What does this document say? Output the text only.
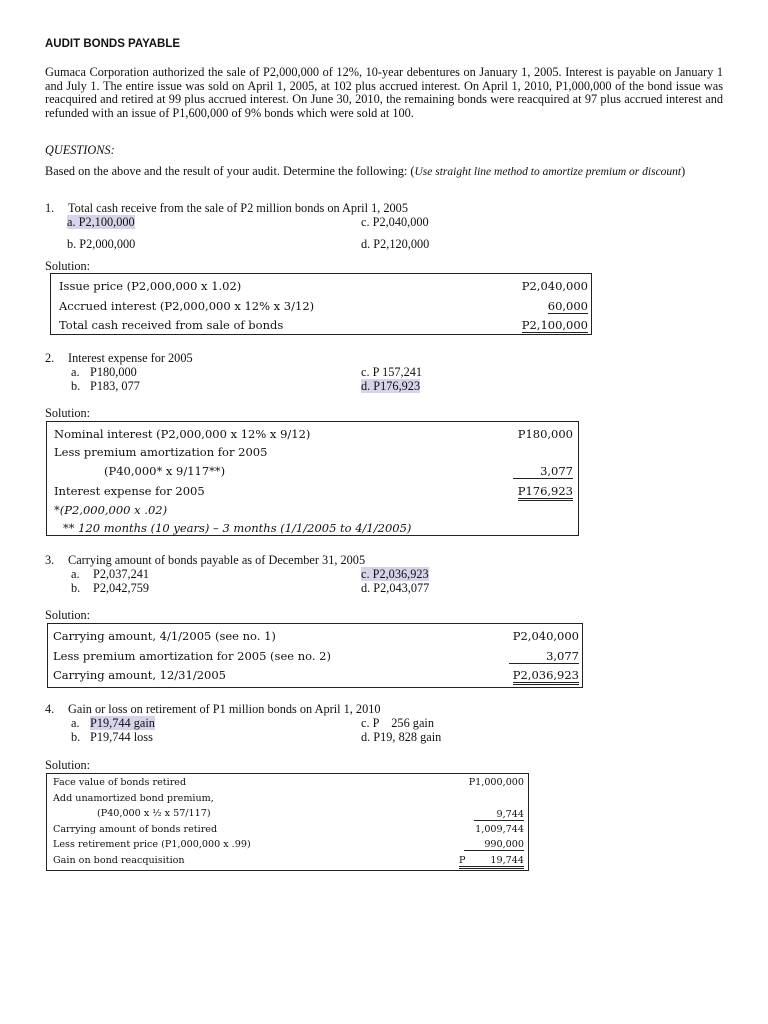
AUDIT BONDS PAYABLE
Gumaca Corporation authorized the sale of P2,000,000 of 12%, 10-year debentures on January 1, 2005. Interest is payable on January 1 and July 1. The entire issue was sold on April 1, 2005, at 102 plus accrued interest. On April 1, 2010, P1,000,000 of the bond issue was reacquired and retired at 99 plus accrued interest. On June 30, 2010, the remaining bonds were reacquired at 97 plus accrued interest and refunded with an issue of P1,600,000 of 9% bonds which were sold at 100.
QUESTIONS:
Based on the above and the result of your audit. Determine the following: (Use straight line method to amortize premium or discount)
1. Total cash receive from the sale of P2 million bonds on April 1, 2005
a. P2,100,000	c. P2,040,000
b. P2,000,000	d. P2,120,000
Solution:
Issue price (P2,000,000 x 1.02)	P2,040,000
Accrued interest (P2,000,000 x 12% x 3/12)	60,000
Total cash received from sale of bonds	P2,100,000
2. Interest expense for 2005
a. P180,000	c. P 157,241
b. P183, 077	d. P176,923
Solution:
Nominal interest (P2,000,000 x 12% x 9/12)	P180,000
Less premium amortization for 2005
(P40,000* x 9/117**)	3,077
Interest expense for 2005	P176,923
*(P2,000,000 x .02)
** 120 months (10 years) – 3 months (1/1/2005 to 4/1/2005)
3. Carrying amount of bonds payable as of December 31, 2005
a. P2,037,241	c. P2,036,923
b. P2,042,759	d. P2,043,077
Solution:
Carrying amount, 4/1/2005 (see no. 1)	P2,040,000
Less premium amortization for 2005 (see no. 2)	3,077
Carrying amount, 12/31/2005	P2,036,923
4. Gain or loss on retirement of P1 million bonds on April 1, 2010
a. P19,744 gain	c. P    256 gain
b. P19,744 loss	d. P19, 828 gain
Solution:
Face value of bonds retired	P1,000,000
Add unamortized bond premium,
(P40,000 x ½ x 57/117)	9,744
Carrying amount of bonds retired	1,009,744
Less retirement price (P1,000,000 x .99)	990,000
Gain on bond reacquisition	P	19,744
